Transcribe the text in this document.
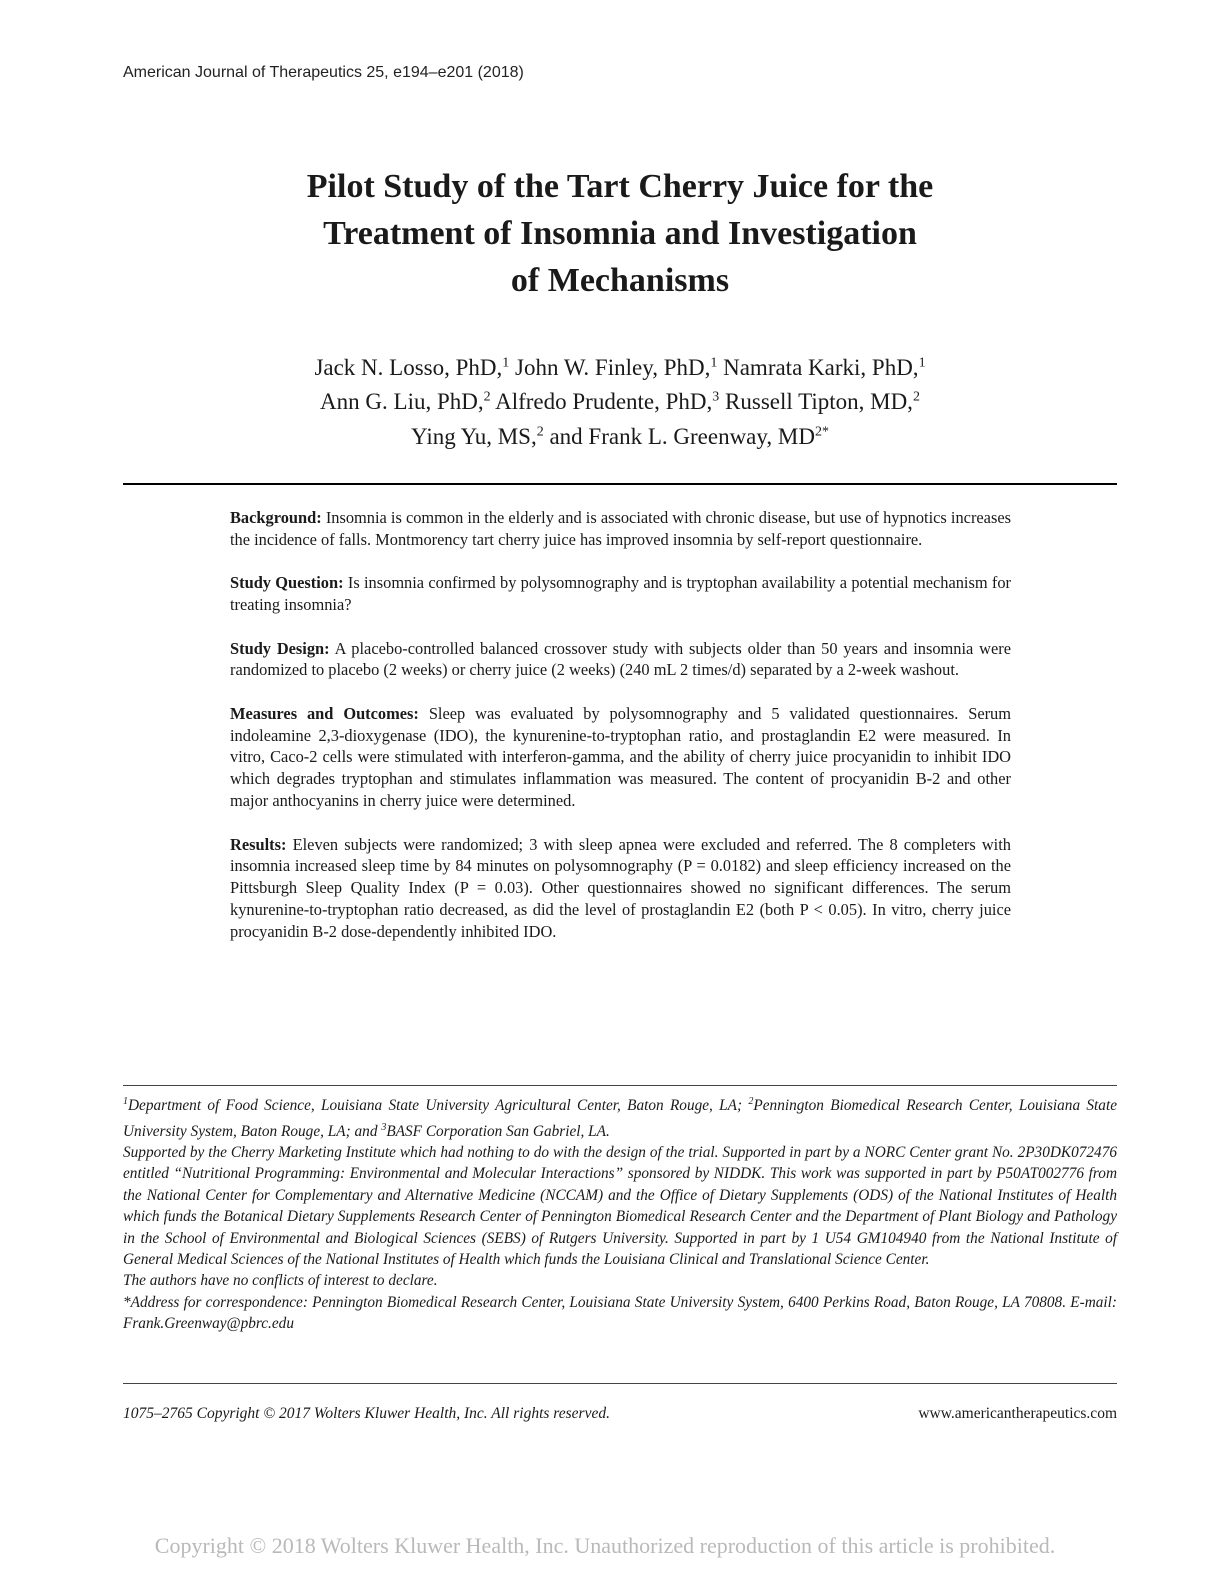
American Journal of Therapeutics 25, e194–e201 (2018)
Pilot Study of the Tart Cherry Juice for the
Treatment of Insomnia and Investigation
of Mechanisms

Jack N. Losso, PhD,$^1$ John W. Finley, PhD,$^1$ Namrata Karki, PhD,$^1$
Ann G. Liu, PhD,$^2$ Alfredo Prudente, PhD,$^3$ Russell Tipton, MD,$^2$
Ying Yu, MS,$^2$ and Frank L. Greenway, $MD^{2*}$

Background: Insomnia is common in the elderly and is associated with chronic disease, but use of hypnotics increases the incidence of falls. Montmorency tart cherry juice has improved insomnia by self-report questionnaire.

Study Question: Is insomnia confirmed by polysomnography and is tryptophan availability a potential mechanism for treating insomnia?

Study Design: A placebo-controlled balanced crossover study with subjects older than 50 years and insomnia were randomized to placebo (2 weeks) or cherry juice (2 weeks) (240 mL 2 times/d) separated by a 2-week washout.

Measures and Outcomes: Sleep was evaluated by polysomnography and 5 validated questionnaires. Serum indoleamine 2,3-dioxygenase (IDO), the kynurenine-to-tryptophan ratio, and prostaglandin E2 were measured. In vitro, Caco-2 cells were stimulated with interferon-gamma, and the ability of cherry juice procyanidin to inhibit IDO which degrades tryptophan and stimulates inflammation was measured. The content of procyanidin B-2 and other major anthocyanins in cherry juice were determined.

Results: Eleven subjects were randomized; 3 with sleep apnea were excluded and referred. The 8 completers with insomnia increased sleep time by 84 minutes on polysomnography (P = 0.0182) and sleep efficiency increased on the Pittsburgh Sleep Quality Index (P = 0.03). Other questionnaires showed no significant differences. The serum kynurenine-to-tryptophan ratio decreased, as did the level of prostaglandin E2 (both P < 0.05). In vitro, cherry juice procyanidin B-2 dose-dependently inhibited IDO.

$^1$Department of Food Science, Louisiana State University Agricultural Center, Baton Rouge, LA; $^2$Pennington Biomedical Research Center, Louisiana State University System, Baton Rouge, LA; and $^3$BASF Corporation San Gabriel, LA.

Supported by the Cherry Marketing Institute which had nothing to do with the design of the trial. Supported in part by a NORC Center grant No. 2P30DK072476 entitled “Nutritional Programming: Environmental and Molecular Interactions” sponsored by NIDDK. This work was supported in part by P50AT002776 from the National Center for Complementary and Alternative Medicine (NCCAM) and the Office of Dietary Supplements (ODS) of the National Institutes of Health which funds the Botanical Dietary Supplements Research Center of Pennington Biomedical Research Center and the Department of Plant Biology and Pathology in the School of Environmental and Biological Sciences (SEBS) of Rutgers University. Supported in part by 1 U54 GM104940 from the National Institute of General Medical Sciences of the National Institutes of Health which funds the Louisiana Clinical and Translational Science Center.

The authors have no conflicts of interest to declare.

*Address for correspondence: Pennington Biomedical Research Center, Louisiana State University System, 6400 Perkins Road, Baton Rouge, LA 70808. E-mail: Frank.Greenway@pbrc.edu

1075–2765 Copyright © 2017 Wolters Kluwer Health, Inc. All rights reserved.	www.americantherapeutics.com
Copyright © 2018 Wolters Kluwer Health, Inc. Unauthorized reproduction of this article is prohibited.
